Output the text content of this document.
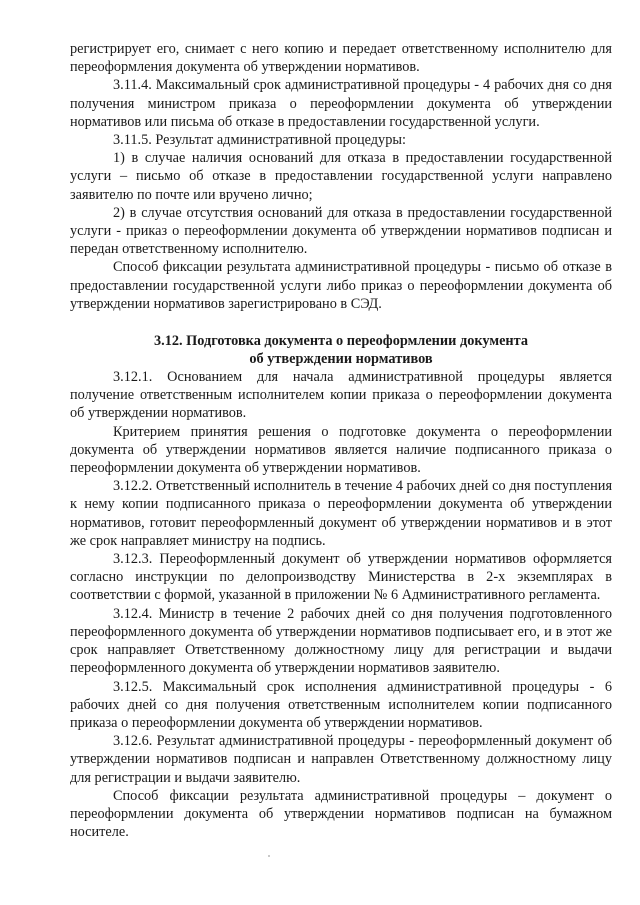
регистрирует его, снимает с него копию и передает ответственному исполнителю для переоформления документа об утверждении нормативов.

3.11.4. Максимальный срок административной процедуры - 4 рабочих дня со дня получения министром приказа о переоформлении документа об утверждении нормативов или письма об отказе в предоставлении государственной услуги.

3.11.5. Результат административной процедуры:

1) в случае наличия оснований для отказа в предоставлении государственной услуги – письмо об отказе в предоставлении государственной услуги направлено заявителю по почте или вручено лично;

2) в случае отсутствия оснований для отказа в предоставлении государственной услуги - приказ о переоформлении документа об утверждении нормативов подписан и передан ответственному исполнителю.

Способ фиксации результата административной процедуры - письмо об отказе в предоставлении государственной услуги либо приказ о переоформлении документа об утверждении нормативов зарегистрировано в СЭД.

3.12. Подготовка документа о переоформлении документа
об утверждении нормативов

3.12.1. Основанием для начала административной процедуры является получение ответственным исполнителем копии приказа о переоформлении документа об утверждении нормативов.

Критерием принятия решения о подготовке документа о переоформлении документа об утверждении нормативов является наличие подписанного приказа о переоформлении документа об утверждении нормативов.

3.12.2. Ответственный исполнитель в течение 4 рабочих дней со дня поступления к нему копии подписанного приказа о переоформлении документа об утверждении нормативов, готовит переоформленный документ об утверждении нормативов и в этот же срок направляет министру на подпись.

3.12.3. Переоформленный документ об утверждении нормативов оформляется согласно инструкции по делопроизводству Министерства в 2-х экземплярах в соответствии с формой, указанной в приложении № 6 Административного регламента.

3.12.4. Министр в течение 2 рабочих дней со дня получения подготовленного переоформленного документа об утверждении нормативов подписывает его, и в этот же срок направляет Ответственному должностному лицу для регистрации и выдачи переоформленного документа об утверждении нормативов заявителю.

3.12.5. Максимальный срок исполнения административной процедуры - 6 рабочих дней со дня получения ответственным исполнителем копии подписанного приказа о переоформлении документа об утверждении нормативов.

3.12.6. Результат административной процедуры - переоформленный документ об утверждении нормативов подписан и направлен Ответственному должностному лицу для регистрации и выдачи заявителю.

Способ фиксации результата административной процедуры – документ о переоформлении документа об утверждении нормативов подписан на бумажном носителе.
